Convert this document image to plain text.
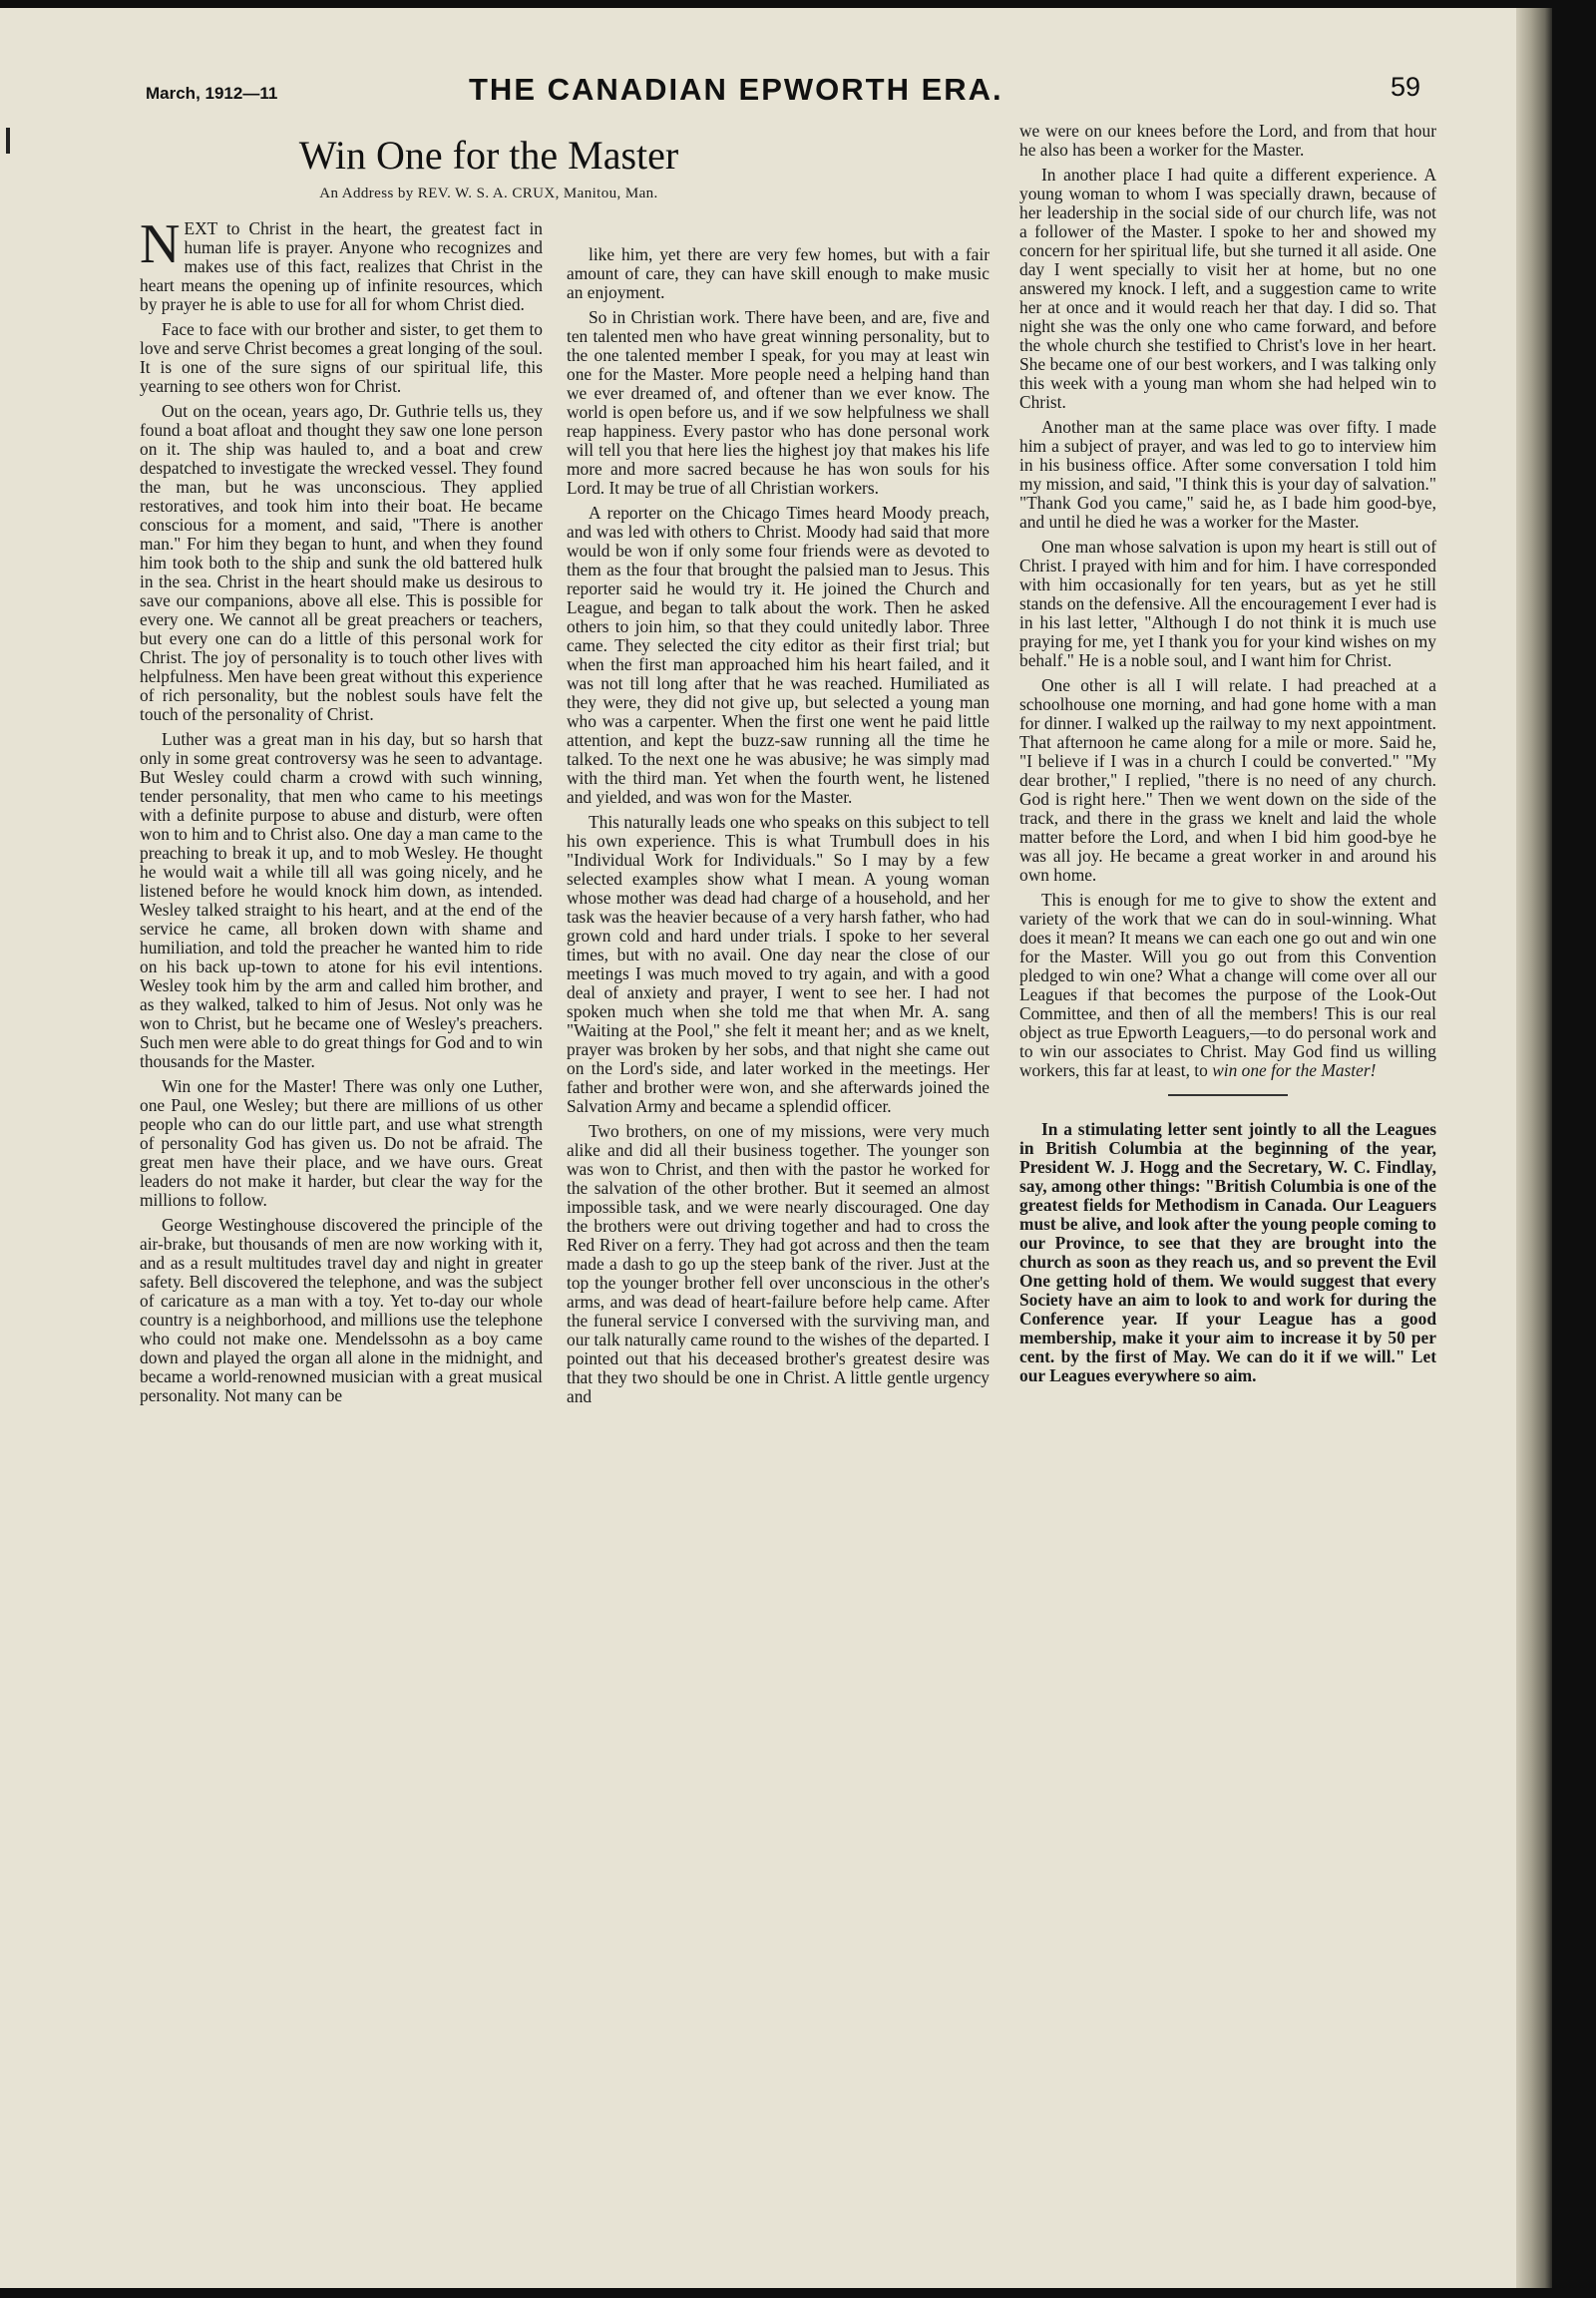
March, 1912—11	THE CANADIAN EPWORTH ERA.	59
Win One for the Master
An Address by REV. W. S. A. CRUX, Manitou, Man.

NEXT to Christ in the heart, the greatest fact in human life is prayer. Anyone who recognizes and makes use of this fact, realizes that Christ in the heart means the opening up of infinite resources, which by prayer he is able to use for all for whom Christ died.

Face to face with our brother and sister, to get them to love and serve Christ becomes a great longing of the soul. It is one of the sure signs of our spiritual life, this yearning to see others won for Christ.

Out on the ocean, years ago, Dr. Guthrie tells us, they found a boat afloat and thought they saw one lone person on it. The ship was hauled to, and a boat and crew despatched to investigate the wrecked vessel. They found the man, but he was unconscious. They applied restoratives, and took him into their boat. He became conscious for a moment, and said, "There is another man." For him they began to hunt, and when they found him took both to the ship and sunk the old battered hulk in the sea. Christ in the heart should make us desirous to save our companions, above all else. This is possible for every one. We cannot all be great preachers or teachers, but every one can do a little of this personal work for Christ. The joy of personality is to touch other lives with helpfulness. Men have been great without this experience of rich personality, but the noblest souls have felt the touch of the personality of Christ.

Luther was a great man in his day, but so harsh that only in some great controversy was he seen to advantage. But Wesley could charm a crowd with such winning, tender personality, that men who came to his meetings with a definite purpose to abuse and disturb, were often won to him and to Christ also. One day a man came to the preaching to break it up, and to mob Wesley. He thought he would wait a while till all was going nicely, and he listened before he would knock him down, as intended. Wesley talked straight to his heart, and at the end of the service he came, all broken down with shame and humiliation, and told the preacher he wanted him to ride on his back up-town to atone for his evil intentions. Wesley took him by the arm and called him brother, and as they walked, talked to him of Jesus. Not only was he won to Christ, but he became one of Wesley's preachers. Such men were able to do great things for God and to win thousands for the Master.

Win one for the Master! There was only one Luther, one Paul, one Wesley; but there are millions of us other people who can do our little part, and use what strength of personality God has given us. Do not be afraid. The great men have their place, and we have ours. Great leaders do not make it harder, but clear the way for the millions to follow.

George Westinghouse discovered the principle of the air-brake, but thousands of men are now working with it, and as a result multitudes travel day and night in greater safety. Bell discovered the telephone, and was the subject of caricature as a man with a toy. Yet to-day our whole country is a neighborhood, and millions use the telephone who could not make one. Mendelssohn as a boy came down and played the organ all alone in the midnight, and became a world-renowned musician with a great musical personality. Not many can be

like him, yet there are very few homes, but with a fair amount of care, they can have skill enough to make music an enjoyment.

So in Christian work. There have been, and are, five and ten talented men who have great winning personality, but to the one talented member I speak, for you may at least win one for the Master. More people need a helping hand than we ever dreamed of, and oftener than we ever know. The world is open before us, and if we sow helpfulness we shall reap happiness. Every pastor who has done personal work will tell you that here lies the highest joy that makes his life more and more sacred because he has won souls for his Lord. It may be true of all Christian workers.

A reporter on the Chicago Times heard Moody preach, and was led with others to Christ. Moody had said that more would be won if only some four friends were as devoted to them as the four that brought the palsied man to Jesus. This reporter said he would try it. He joined the Church and League, and began to talk about the work. Then he asked others to join him, so that they could unitedly labor. Three came. They selected the city editor as their first trial; but when the first man approached him his heart failed, and it was not till long after that he was reached. Humiliated as they were, they did not give up, but selected a young man who was a carpenter. When the first one went he paid little attention, and kept the buzz-saw running all the time he talked. To the next one he was abusive; he was simply mad with the third man. Yet when the fourth went, he listened and yielded, and was won for the Master.

This naturally leads one who speaks on this subject to tell his own experience. This is what Trumbull does in his "Individual Work for Individuals." So I may by a few selected examples show what I mean. A young woman whose mother was dead had charge of a household, and her task was the heavier because of a very harsh father, who had grown cold and hard under trials. I spoke to her several times, but with no avail. One day near the close of our meetings I was much moved to try again, and with a good deal of anxiety and prayer, I went to see her. I had not spoken much when she told me that when Mr. A. sang "Waiting at the Pool," she felt it meant her; and as we knelt, prayer was broken by her sobs, and that night she came out on the Lord's side, and later worked in the meetings. Her father and brother were won, and she afterwards joined the Salvation Army and became a splendid officer.

Two brothers, on one of my missions, were very much alike and did all their business together. The younger son was won to Christ, and then with the pastor he worked for the salvation of the other brother. But it seemed an almost impossible task, and we were nearly discouraged. One day the brothers were out driving together and had to cross the Red River on a ferry. They had got across and then the team made a dash to go up the steep bank of the river. Just at the top the younger brother fell over unconscious in the other's arms, and was dead of heart-failure before help came. After the funeral service I conversed with the surviving man, and our talk naturally came round to the wishes of the departed. I pointed out that his deceased brother's greatest desire was that they two should be one in Christ. A little gentle urgency and

we were on our knees before the Lord, and from that hour he also has been a worker for the Master.

In another place I had quite a different experience. A young woman to whom I was specially drawn, because of her leadership in the social side of our church life, was not a follower of the Master. I spoke to her and showed my concern for her spiritual life, but she turned it all aside. One day I went specially to visit her at home, but no one answered my knock. I left, and a suggestion came to write her at once and it would reach her that day. I did so. That night she was the only one who came forward, and before the whole church she testified to Christ's love in her heart. She became one of our best workers, and I was talking only this week with a young man whom she had helped win to Christ.

Another man at the same place was over fifty. I made him a subject of prayer, and was led to go to interview him in his business office. After some conversation I told him my mission, and said, "I think this is your day of salvation." "Thank God you came," said he, as I bade him good-bye, and until he died he was a worker for the Master.

One man whose salvation is upon my heart is still out of Christ. I prayed with him and for him. I have corresponded with him occasionally for ten years, but as yet he still stands on the defensive. All the encouragement I ever had is in his last letter, "Although I do not think it is much use praying for me, yet I thank you for your kind wishes on my behalf." He is a noble soul, and I want him for Christ.

One other is all I will relate. I had preached at a schoolhouse one morning, and had gone home with a man for dinner. I walked up the railway to my next appointment. That afternoon he came along for a mile or more. Said he, "I believe if I was in a church I could be converted." "My dear brother," I replied, "there is no need of any church. God is right here." Then we went down on the side of the track, and there in the grass we knelt and laid the whole matter before the Lord, and when I bid him good-bye he was all joy. He became a great worker in and around his own home.

This is enough for me to give to show the extent and variety of the work that we can do in soul-winning. What does it mean? It means we can each one go out and win one for the Master. Will you go out from this Convention pledged to win one? What a change will come over all our Leagues if that becomes the purpose of the Look-Out Committee, and then of all the members! This is our real object as true Epworth Leaguers,—to do personal work and to win our associates to Christ. May God find us willing workers, this far at least, to win one for the Master!

In a stimulating letter sent jointly to all the Leagues in British Columbia at the beginning of the year, President W. J. Hogg and the Secretary, W. C. Findlay, say, among other things: "British Columbia is one of the greatest fields for Methodism in Canada. Our Leaguers must be alive, and look after the young people coming to our Province, to see that they are brought into the church as soon as they reach us, and so prevent the Evil One getting hold of them. We would suggest that every Society have an aim to look to and work for during the Conference year. If your League has a good membership, make it your aim to increase it by 50 per cent. by the first of May. We can do it if we will." Let our Leagues everywhere so aim.
